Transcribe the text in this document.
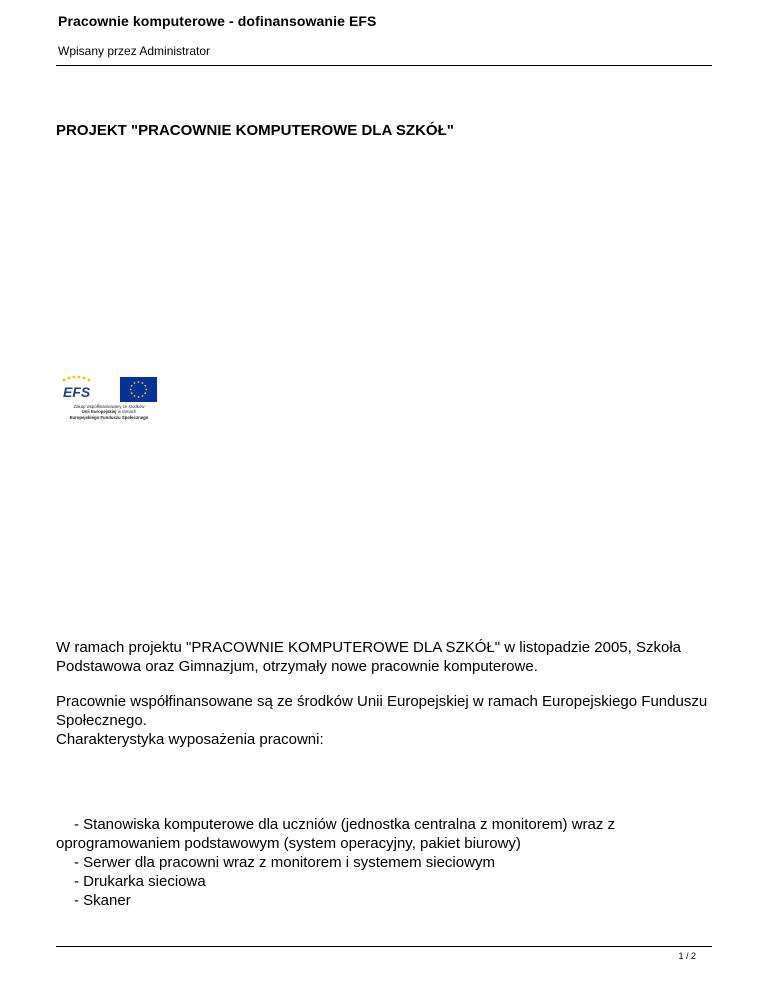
Pracownie komputerowe - dofinansowanie EFS
Wpisany przez Administrator
PROJEKT "PRACOWNIE KOMPUTEROWE DLA SZKÓŁ"
EFS
Zakup współfinansowany ze środków
Unii Europejskiej w ramach
Europejskiego Funduszu Społecznego
W ramach projektu "PRACOWNIE KOMPUTEROWE DLA SZKÓŁ" w listopadzie 2005, Szkoła Podstawowa oraz Gimnazjum, otrzymały nowe pracownie komputerowe.
Pracownie współfinansowane są ze środków Unii Europejskiej w ramach Europejskiego Funduszu Społecznego.
Charakterystyka wyposażenia pracowni:
- Stanowiska komputerowe dla uczniów (jednostka centralna z monitorem) wraz z oprogramowaniem podstawowym (system operacyjny, pakiet biurowy)
- Serwer dla pracowni wraz z monitorem i systemem sieciowym
- Drukarka sieciowa
- Skaner
1 / 2
